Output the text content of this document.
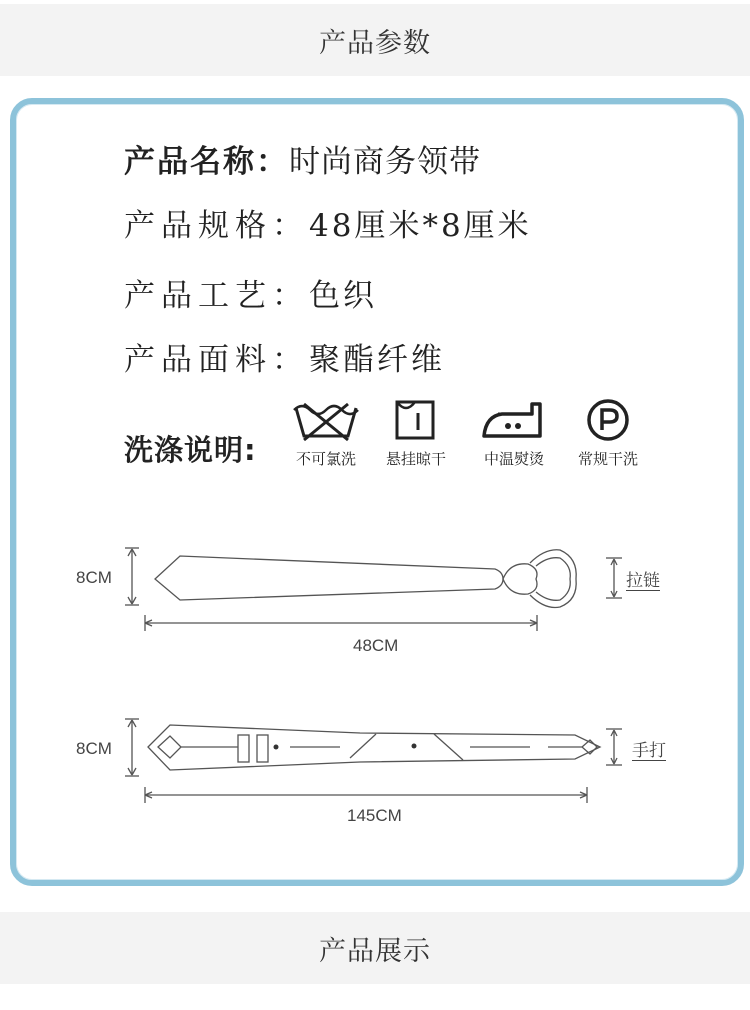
产品参数
产品名称：时尚商务领带
产品规格：48厘米*8厘米
产品工艺：色织
产品面料：聚酯纤维
洗涤说明:	不可氯洗	悬挂晾干	中温熨烫	常规干洗
8CM
48CM
拉链
8CM
145CM
手打
产品展示
